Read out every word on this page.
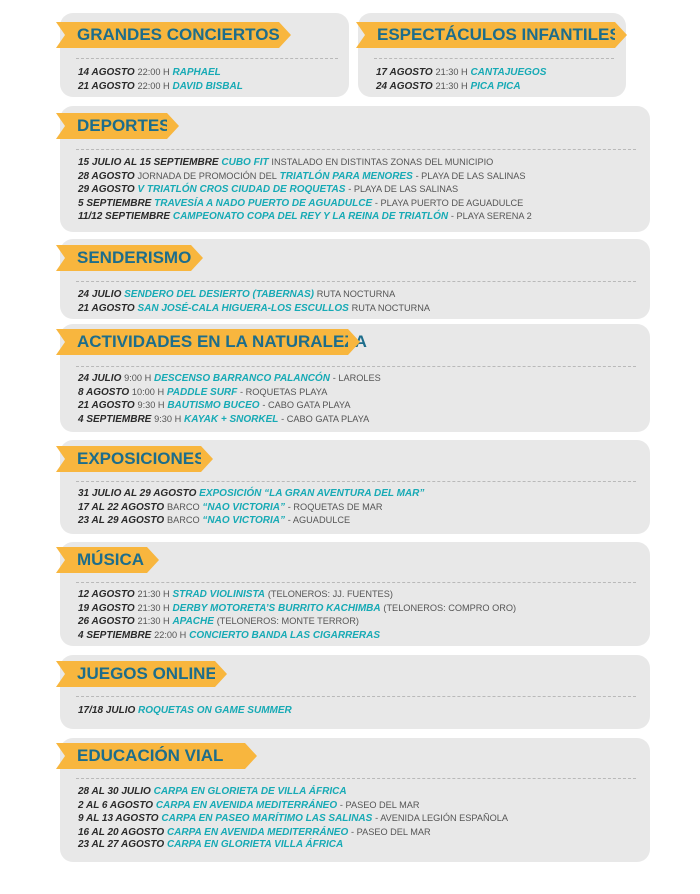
GRANDES CONCIERTOS
14 AGOSTO 22:00 H RAPHAEL
21 AGOSTO 22:00 H DAVID BISBAL
ESPECTÁCULOS INFANTILES
17 AGOSTO 21:30 H CANTAJUEGOS
24 AGOSTO 21:30 H PICA PICA
DEPORTES
15 JULIO AL 15 SEPTIEMBRE CUBO FIT INSTALADO EN DISTINTAS ZONAS DEL MUNICIPIO
28 AGOSTO JORNADA DE PROMOCIÓN DEL TRIATLÓN PARA MENORES - PLAYA DE LAS SALINAS
29 AGOSTO V TRIATLÓN CROS CIUDAD DE ROQUETAS - PLAYA DE LAS SALINAS
5 SEPTIEMBRE TRAVESÍA A NADO PUERTO DE AGUADULCE - PLAYA PUERTO DE AGUADULCE
11/12 SEPTIEMBRE CAMPEONATO COPA DEL REY Y LA REINA DE TRIATLÓN - PLAYA SERENA 2
SENDERISMO
24 JULIO SENDERO DEL DESIERTO (TABERNAS) RUTA NOCTURNA
21 AGOSTO SAN JOSÉ-CALA HIGUERA-LOS ESCULLOS RUTA NOCTURNA
ACTIVIDADES EN LA NATURALEZA
24 JULIO 9:00 H DESCENSO BARRANCO PALANCÓN - LAROLES
8 AGOSTO 10:00 H PADDLE SURF - ROQUETAS PLAYA
21 AGOSTO 9:30 H BAUTISMO BUCEO - CABO GATA PLAYA
4 SEPTIEMBRE 9:30 H KAYAK + SNORKEL - CABO GATA PLAYA
EXPOSICIONES
31 JULIO AL 29 AGOSTO EXPOSICIÓN “LA GRAN AVENTURA DEL MAR”
17 AL 22 AGOSTO BARCO “NAO VICTORIA” - ROQUETAS DE MAR
23 AL 29 AGOSTO BARCO “NAO VICTORIA” - AGUADULCE
MÚSICA
12 AGOSTO 21:30 H STRAD VIOLINISTA (TELONEROS: JJ. FUENTES)
19 AGOSTO 21:30 H DERBY MOTORETA’S BURRITO KACHIMBA (TELONEROS: COMPRO ORO)
26 AGOSTO 21:30 H APACHE (TELONEROS: MONTE TERROR)
4 SEPTIEMBRE 22:00 H CONCIERTO BANDA LAS CIGARRERAS
JUEGOS ONLINE
17/18 JULIO ROQUETAS ON GAME SUMMER
EDUCACIÓN VIAL
28 AL 30 JULIO CARPA EN GLORIETA DE VILLA ÁFRICA
2 AL 6 AGOSTO CARPA EN AVENIDA MEDITERRÁNEO - PASEO DEL MAR
9 AL 13 AGOSTO CARPA EN PASEO MARÍTIMO LAS SALINAS - AVENIDA LEGIÓN ESPAÑOLA
16 AL 20 AGOSTO CARPA EN AVENIDA MEDITERRÁNEO - PASEO DEL MAR
23 AL 27 AGOSTO CARPA EN GLORIETA VILLA ÁFRICA
